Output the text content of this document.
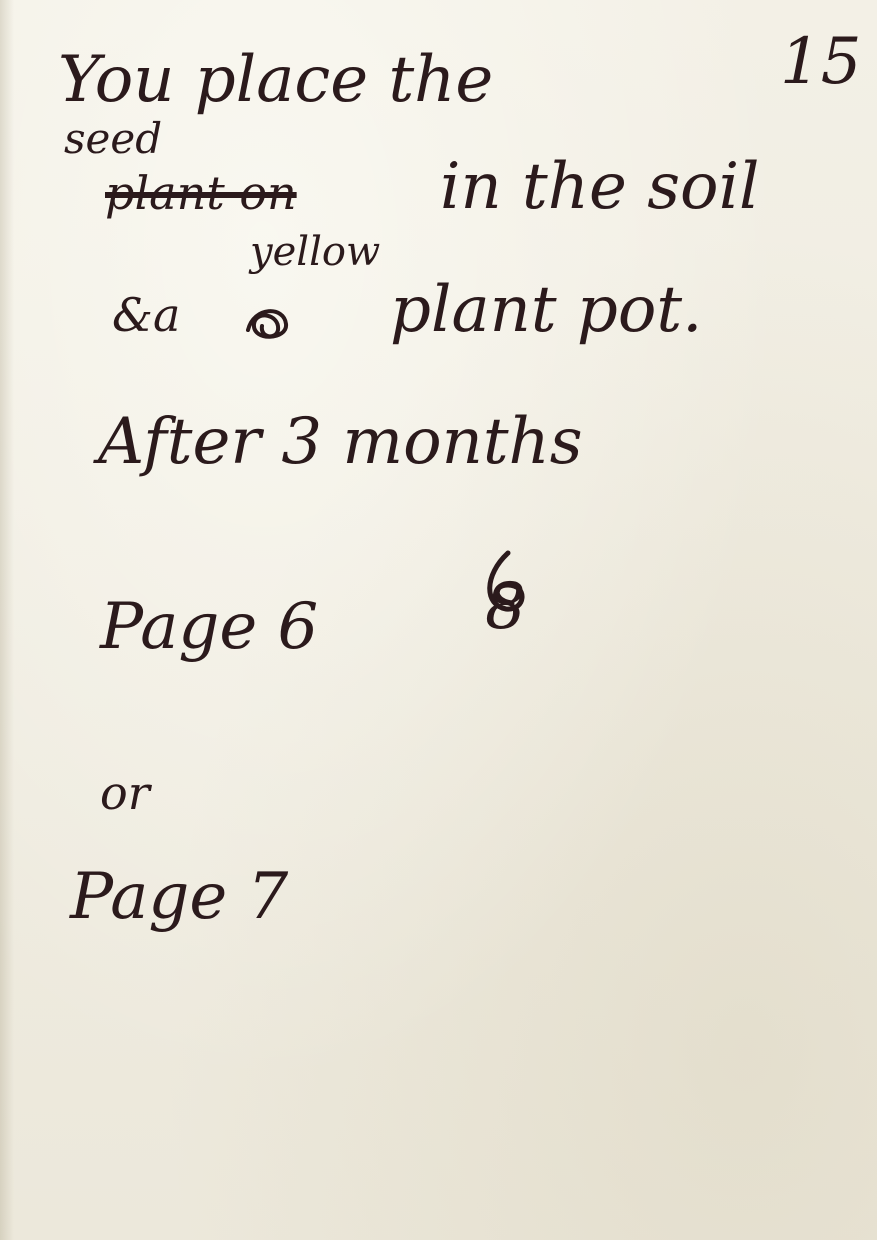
15

seed

You place the

plant on in the soil

yellow

&a	plant pot.

After 3 months

Page 6	8

or

Page 7
